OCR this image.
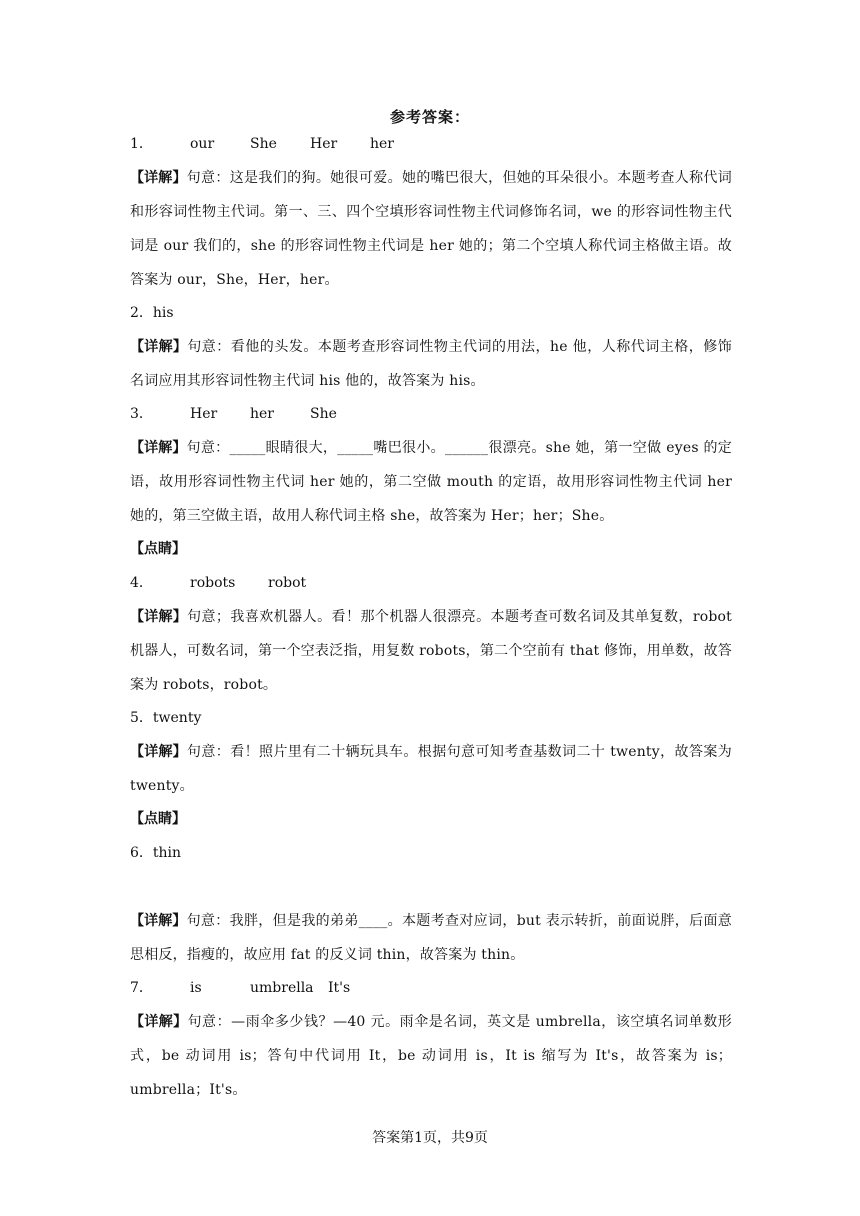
参考答案：
1．	our	She Her her
【详解】句意：这是我们的狗。她很可爱。她的嘴巴很大，但她的耳朵很小。本题考查人称代词和形容词性物主代词。第一、三、四个空填形容词性物主代词修饰名词，we 的形容词性物主代词是 our 我们的，she 的形容词性物主代词是 her 她的；第二个空填人称代词主格做主语。故答案为 our，She，Her，her。
2．his
【详解】句意：看他的头发。本题考查形容词性物主代词的用法，he 他，人称代词主格，修饰名词应用其形容词性物主代词 his 他的，故答案为 his。
3．	Her her	She
【详解】句意：_____眼睛很大，_____嘴巴很小。______很漂亮。she 她，第一空做 eyes 的定语，故用形容词性物主代词 her 她的，第二空做 mouth 的定语，故用形容词性物主代词 her 她的，第三空做主语，故用人称代词主格 she，故答案为 Her；her；She。
【点睛】
4．	robots robot
【详解】句意；我喜欢机器人。看！那个机器人很漂亮。本题考查可数名词及其单复数，robot 机器人，可数名词，第一个空表泛指，用复数 robots，第二个空前有 that 修饰，用单数，故答案为 robots，robot。
5．twenty
【详解】句意：看！照片里有二十辆玩具车。根据句意可知考查基数词二十 twenty，故答案为 twenty。
【点睛】
6．thin
【详解】句意：我胖，但是我的弟弟____。本题考查对应词，but 表示转折，前面说胖，后面意思相反，指瘦的，故应用 fat 的反义词 thin，故答案为 thin。
7．	is	umbrella It's
【详解】句意：—雨伞多少钱？—40 元。雨伞是名词，英文是 umbrella，该空填名词单数形式，be 动词用 is；答句中代词用 It，be 动词用 is，It is 缩写为 It's，故答案为 is；umbrella；It's。
答案第1页，共9页
